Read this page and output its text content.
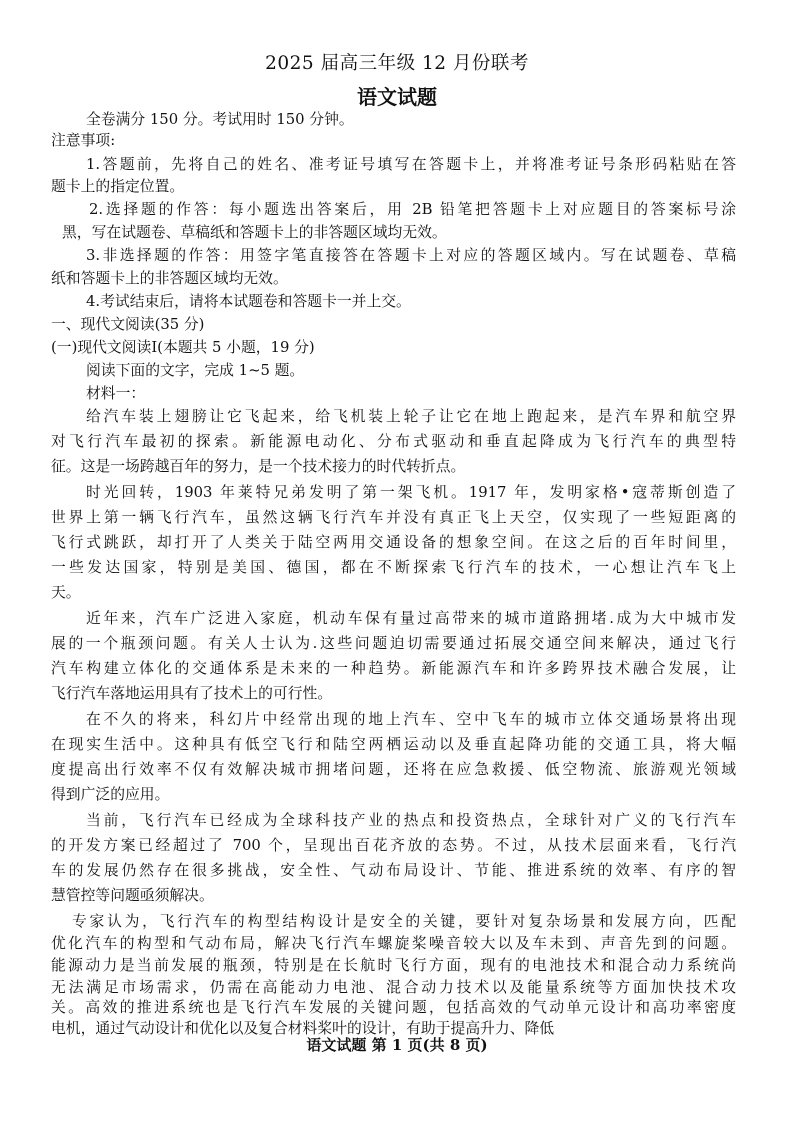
2025 届高三年级 12 月份联考
语文试题
全卷满分 150 分。考试用时 150 分钟。
注意事项:
1.答题前，先将自己的姓名、准考证号填写在答题卡上，并将准考证号条形码粘贴在答
题卡上的指定位置。
2.选择题的作答：每小题选出答案后，用 2B 铅笔把答题卡上对应题目的答案标号涂
黑，写在试题卷、草稿纸和答题卡上的非答题区域均无效。
3.非选择题的作答：用签字笔直接答在答题卡上对应的答题区域内。写在试题卷、草稿
纸和答题卡上的非答题区域均无效。
4.考试结束后，请将本试题卷和答题卡一并上交。
一、现代文阅读(35 分)
(一)现代文阅读Ⅰ(本题共 5 小题，19 分)
阅读下面的文字，完成 1~5 题。
材料一：
给汽车装上翅膀让它飞起来，给飞机装上轮子让它在地上跑起来，是汽车界和航空界
对飞行汽车最初的探索。新能源电动化、分布式驱动和垂直起降成为飞行汽车的典型特
征。这是一场跨越百年的努力，是一个技术接力的时代转折点。
时光回转，1903 年莱特兄弟发明了第一架飞机。1917 年，发明家格•寇蒂斯创造了
世界上第一辆飞行汽车，虽然这辆飞行汽车并没有真正飞上天空，仅实现了一些短距离的
飞行式跳跃，却打开了人类关于陆空两用交通设备的想象空间。在这之后的百年时间里，
一些发达国家，特别是美国、德国，都在不断探索飞行汽车的技术，一心想让汽车飞上
天。
近年来，汽车广泛进入家庭，机动车保有量过高带来的城市道路拥堵.成为大中城市发
展的一个瓶颈问题。有关人士认为.这些问题迫切需要通过拓展交通空间来解决，通过飞行
汽车构建立体化的交通体系是未来的一种趋势。新能源汽车和许多跨界技术融合发展，让
飞行汽车落地运用具有了技术上的可行性。
在不久的将来，科幻片中经常出现的地上汽车、空中飞车的城市立体交通场景将出现
在现实生活中。这种具有低空飞行和陆空两栖运动以及垂直起降功能的交通工具，将大幅
度提高出行效率不仅有效解决城市拥堵问题，还将在应急救援、低空物流、旅游观光领域
得到广泛的应用。
当前，飞行汽车已经成为全球科技产业的热点和投资热点，全球针对广义的飞行汽车
的开发方案已经超过了 700 个，呈现出百花齐放的态势。不过，从技术层面来看，飞行汽
车的发展仍然存在很多挑战，安全性、气动布局设计、节能、推进系统的效率、有序的智
慧管控等问题亟须解决。
专家认为，飞行汽车的构型结构设计是安全的关键，要针对复杂场景和发展方向，匹配
优化汽车的构型和气动布局，解决飞行汽车螺旋桨噪音较大以及车未到、声音先到的问题。
能源动力是当前发展的瓶颈，特别是在长航时飞行方面，现有的电池技术和混合动力系统尚
无法满足市场需求，仍需在高能动力电池、混合动力技术以及能量系统等方面加快技术攻
关。高效的推进系统也是飞行汽车发展的关键问题，包括高效的气动单元设计和高功率密度
语文试题 第 1 页(共 8 页)
电机，通过气动设计和优化以及复合材料桨叶的设计，有助于提高升力、降低
